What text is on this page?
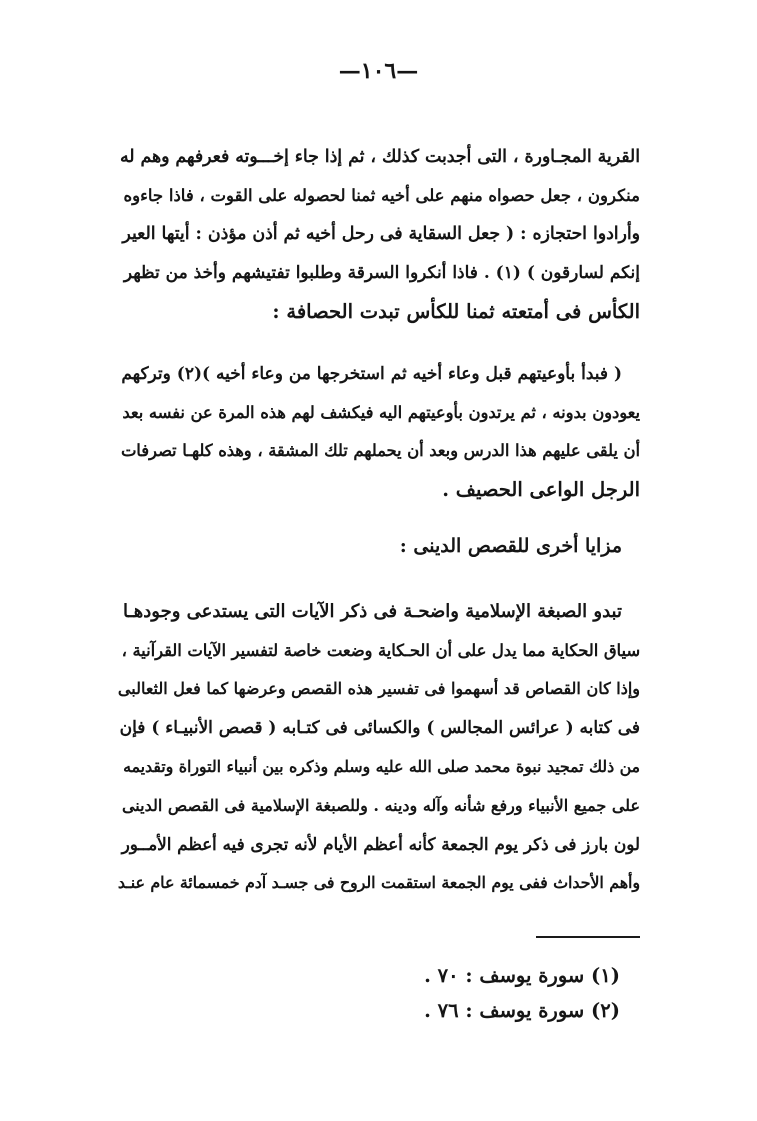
—١٠٦—
القرية المجـاورة ، التى أجدبت كذلك ، ثم إذا جاء إخـــوته فعرفهم وهم له
منكرون ، جعل حصواه منهم على أخيه ثمنا لحصوله على القوت ، فاذا جاءوه
وأرادوا احتجازه : ( جعل السقاية فى رحل أخيه ثم أذن مؤذن : أيتها العير
إنكم لسارقون ) (١) . فاذا أنكروا السرقة وطلبوا تفتيشهم وأخذ من تظهر
الكأس فى أمتعته ثمنا للكأس تبدت الحصافة :
( فبدأ بأوعيتهم قبل وعاء أخيه ثم استخرجها من وعاء أخيه )(٢) وتركهم
يعودون بدونه ، ثم يرتدون بأوعيتهم اليه فيكشف لهم هذه المرة عن نفسه بعد
أن يلقى عليهم هذا الدرس وبعد أن يحملهم تلك المشقة ، وهذه كلهـا تصرفات
الرجل الواعى الحصيف .
مزايا أخرى للقصص الدينى :
تبدو الصبغة الإسلامية واضحـة فى ذكر الآيات التى يستدعى وجودهـا
سياق الحكاية مما يدل على أن الحـكاية وضعت خاصة لتفسير الآيات القرآنية ،
وإذا كان القصاص قد أسهموا فى تفسير هذه القصص وعرضها كما فعل الثعالبى
فى كتابه ( عرائس المجالس ) والكسائى فى كتـابه ( قصص الأنبيـاء ) فإن
من ذلك تمجيد نبوة محمد صلى الله عليه وسلم وذكره بين أنبياء التوراة وتقديمه
على جميع الأنبياء ورفع شأنه وآله ودينه . وللصبغة الإسلامية فى القصص الدينى
لون بارز فى ذكر يوم الجمعة كأنه أعظم الأيام لأنه تجرى فيه أعظم الأمــور
وأهم الأحداث ففى يوم الجمعة استقمت الروح فى جسـد آدم خمسمائة عام عنـد
(١) سورة يوسف : ٧٠ .
(٢) سورة يوسف : ٧٦ .
